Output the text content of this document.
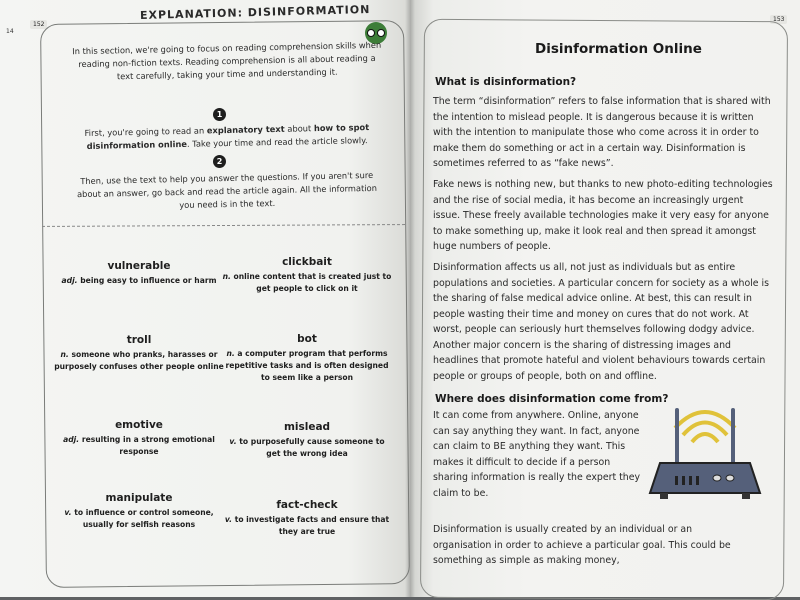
152
14
EXPLANATION: DISINFORMATION
In this section, we're going to focus on reading comprehension skills when reading non-fiction texts. Reading comprehension is all about reading a text carefully, taking your time and understanding it.
1
First, you're going to read an explanatory text about how to spot disinformation online. Take your time and read the article slowly.
2
Then, use the text to help you answer the questions. If you aren't sure about an answer, go back and read the article again. All the information you need is in the text.
vulnerable
adj. being easy to influence or harm
clickbait
n. online content that is created just to get people to click on it
troll
n. someone who pranks, harasses or purposely confuses other people online
bot
n. a computer program that performs repetitive tasks and is often designed to seem like a person
emotive
adj. resulting in a strong emotional response
mislead
v. to purposefully cause someone to get the wrong idea
manipulate
v. to influence or control someone, usually for selfish reasons
fact-check
v. to investigate facts and ensure that they are true
153
Disinformation Online
What is disinformation?
The term “disinformation” refers to false information that is shared with the intention to mislead people. It is dangerous because it is written with the intention to manipulate those who come across it in order to make them do something or act in a certain way. Disinformation is sometimes referred to as “fake news”.
Fake news is nothing new, but thanks to new photo-editing technologies and the rise of social media, it has become an increasingly urgent issue. These freely available technologies make it very easy for anyone to make something up, make it look real and then spread it amongst huge numbers of people.
Disinformation affects us all, not just as individuals but as entire populations and societies. A particular concern for society as a whole is the sharing of false medical advice online. At best, this can result in people wasting their time and money on cures that do not work. At worst, people can seriously hurt themselves following dodgy advice. Another major concern is the sharing of distressing images and headlines that promote hateful and violent behaviours towards certain people or groups of people, both on and offline.
Where does disinformation come from?
It can come from anywhere. Online, anyone can say anything they want. In fact, anyone can claim to BE anything they want. This makes it difficult to decide if a person sharing information is really the expert they claim to be.
Disinformation is usually created by an individual or an organisation in order to achieve a particular goal. This could be something as simple as making money,
